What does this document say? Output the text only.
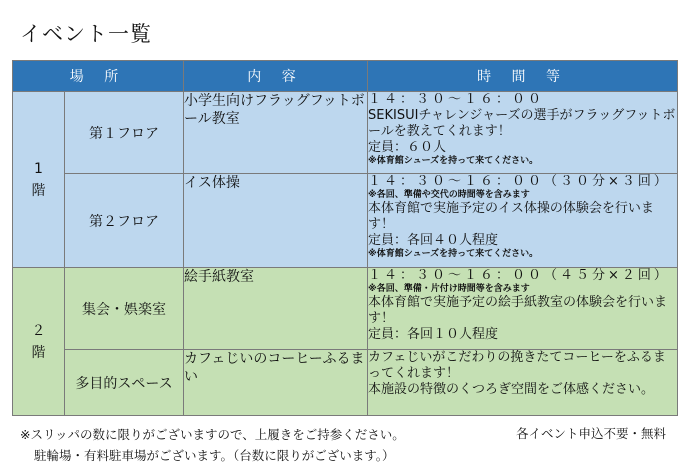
イベント一覧
場 所		内 容	時 間 等

1
階	第１フロア	小学生向けフラッグフットボール教室	１４：３０〜１６：００
SEKISUIチャレンジャーズの選手がフラッグフットボールを教えてくれます！
定員：６０人
※体育館シューズを持って来てください。

	第２フロア	イス体操	１４：３０〜１６：００（３０分×３回）
※各回、準備や交代の時間等を含みます
本体育館で実施予定のイス体操の体験会を行います！
定員：各回４０人程度
※体育館シューズを持って来てください。

２
階	集会・娯楽室	絵手紙教室	１４：３０〜１６：００（４５分×２回）
※各回、準備・片付け時間等を含みます
本体育館で実施予定の絵手紙教室の体験会を行います！
定員：各回１０人程度

	多目的スペース	カフェじいのコーヒーふるまい	カフェじいがこだわりの挽きたてコーヒーをふるまってくれます！
本施設の特徴のくつろぎ空間をご体感ください。
※スリッパの数に限りがございますので、上履きをご持参ください。
駐輪場・有料駐車場がございます。（台数に限りがございます。）
各イベント申込不要・無料
